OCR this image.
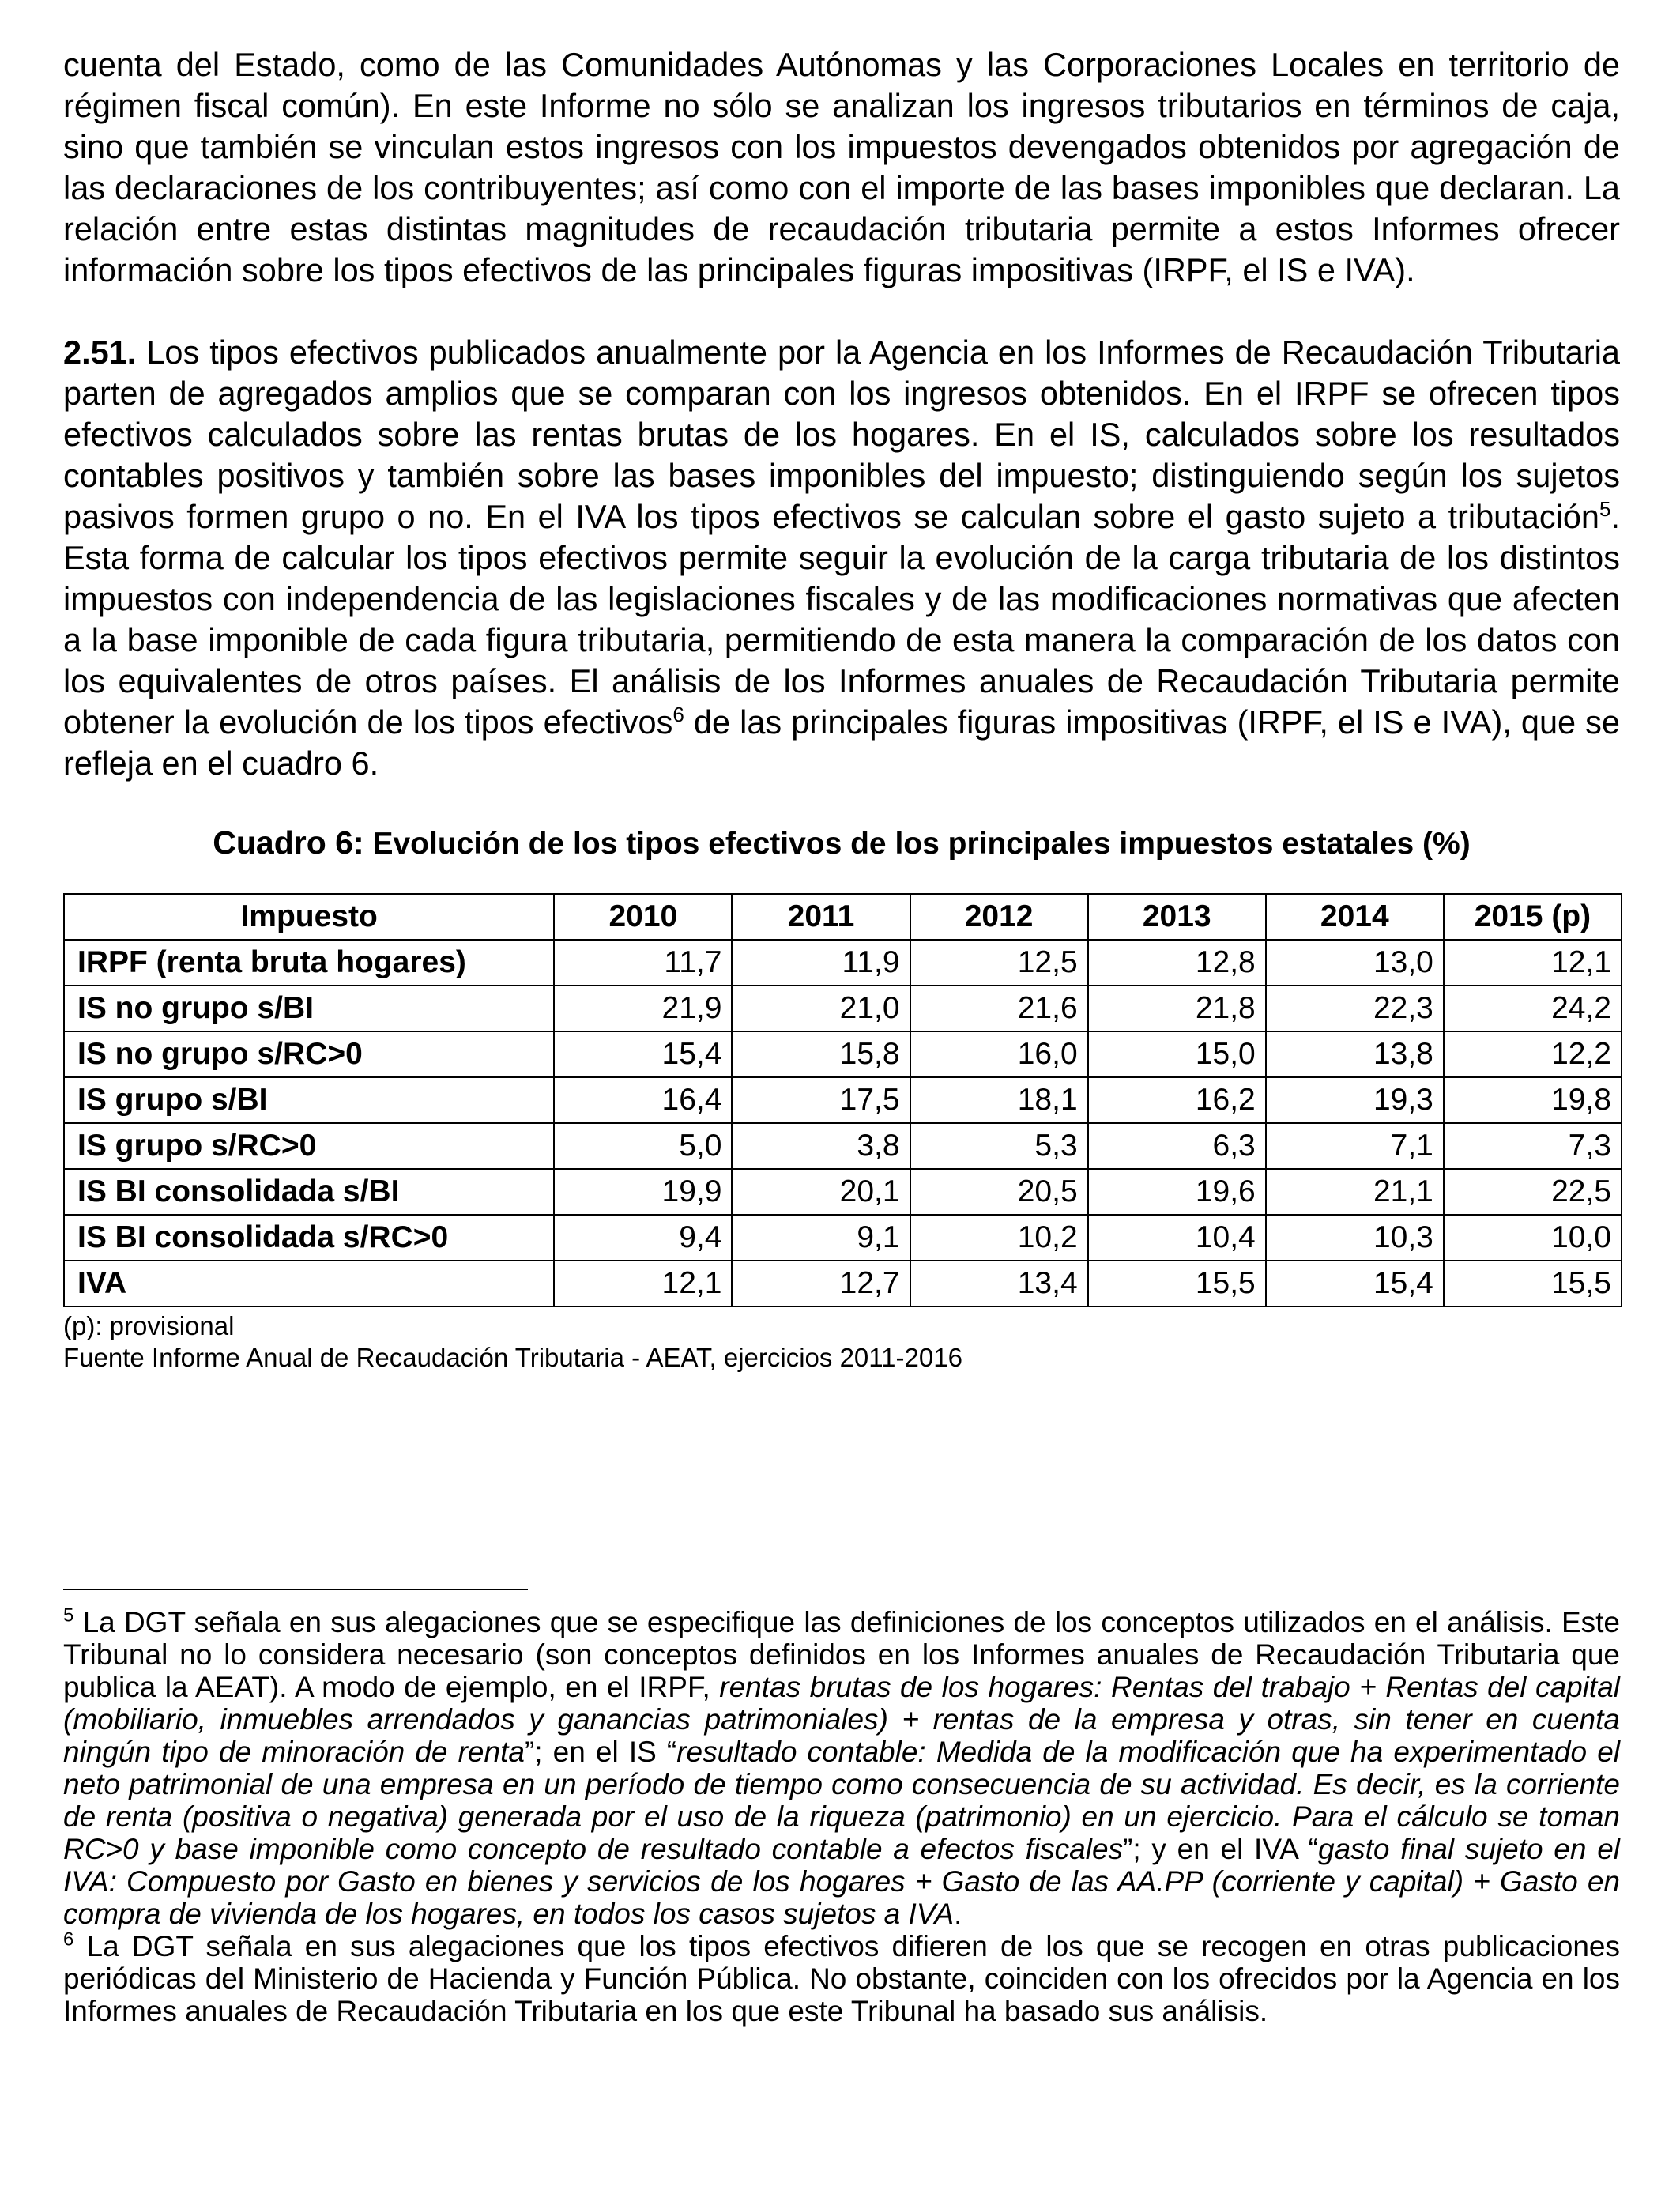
cuenta del Estado, como de las Comunidades Autónomas y las Corporaciones Locales en territorio de régimen fiscal común). En este Informe no sólo se analizan los ingresos tributarios en términos de caja, sino que también se vinculan estos ingresos con los impuestos devengados obtenidos por agregación de las declaraciones de los contribuyentes; así como con el importe de las bases imponibles que declaran. La relación entre estas distintas magnitudes de recaudación tributaria permite a estos Informes ofrecer información sobre los tipos efectivos de las principales figuras impositivas (IRPF, el IS e IVA).

2.51. Los tipos efectivos publicados anualmente por la Agencia en los Informes de Recaudación Tributaria parten de agregados amplios que se comparan con los ingresos obtenidos. En el IRPF se ofrecen tipos efectivos calculados sobre las rentas brutas de los hogares. En el IS, calculados sobre los resultados contables positivos y también sobre las bases imponibles del impuesto; distinguiendo según los sujetos pasivos formen grupo o no. En el IVA los tipos efectivos se calculan sobre el gasto sujeto a tributación$^5$. Esta forma de calcular los tipos efectivos permite seguir la evolución de la carga tributaria de los distintos impuestos con independencia de las legislaciones fiscales y de las modificaciones normativas que afecten a la base imponible de cada figura tributaria, permitiendo de esta manera la comparación de los datos con los equivalentes de otros países. El análisis de los Informes anuales de Recaudación Tributaria permite obtener la evolución de los tipos efectivos$^6$ de las principales figuras impositivas (IRPF, el IS e IVA), que se refleja en el cuadro 6.

Cuadro 6: Evolución de los tipos efectivos de los principales impuestos estatales (%)
Impuesto	2010	2011	2012	2013	2014	2015 (p)
IRPF (renta bruta hogares)	11,7	11,9	12,5	12,8	13,0	12,1
IS no grupo s/BI	21,9	21,0	21,6	21,8	22,3	24,2
IS no grupo s/RC>0	15,4	15,8	16,0	15,0	13,8	12,2
IS grupo s/BI	16,4	17,5	18,1	16,2	19,3	19,8
IS grupo s/RC>0	5,0	3,8	5,3	6,3	7,1	7,3
IS BI consolidada s/BI	19,9	20,1	20,5	19,6	21,1	22,5
IS BI consolidada s/RC>0	9,4	9,1	10,2	10,4	10,3	10,0
IVA	12,1	12,7	13,4	15,5	15,4	15,5

(p): provisional

Fuente Informe Anual de Recaudación Tributaria - AEAT, ejercicios 2011-2016

$^5$ La DGT señala en sus alegaciones que se especifique las definiciones de los conceptos utilizados en el análisis. Este Tribunal no lo considera necesario (son conceptos definidos en los Informes anuales de Recaudación Tributaria que publica la AEAT). A modo de ejemplo, en el IRPF, rentas brutas de los hogares: Rentas del trabajo + Rentas del capital (mobiliario, inmuebles arrendados y ganancias patrimoniales) + rentas de la empresa y otras, sin tener en cuenta ningún tipo de minoración de renta”; en el IS “resultado contable: Medida de la modificación que ha experimentado el neto patrimonial de una empresa en un período de tiempo como consecuencia de su actividad. Es decir, es la corriente de renta (positiva o negativa) generada por el uso de la riqueza (patrimonio) en un ejercicio. Para el cálculo se toman RC>0 y base imponible como concepto de resultado contable a efectos fiscales”; y en el IVA “gasto final sujeto en el IVA: Compuesto por Gasto en bienes y servicios de los hogares + Gasto de las AA.PP (corriente y capital) + Gasto en compra de vivienda de los hogares, en todos los casos sujetos a IVA.

$^6$ La DGT señala en sus alegaciones que los tipos efectivos difieren de los que se recogen en otras publicaciones periódicas del Ministerio de Hacienda y Función Pública. No obstante, coinciden con los ofrecidos por la Agencia en los Informes anuales de Recaudación Tributaria en los que este Tribunal ha basado sus análisis.
